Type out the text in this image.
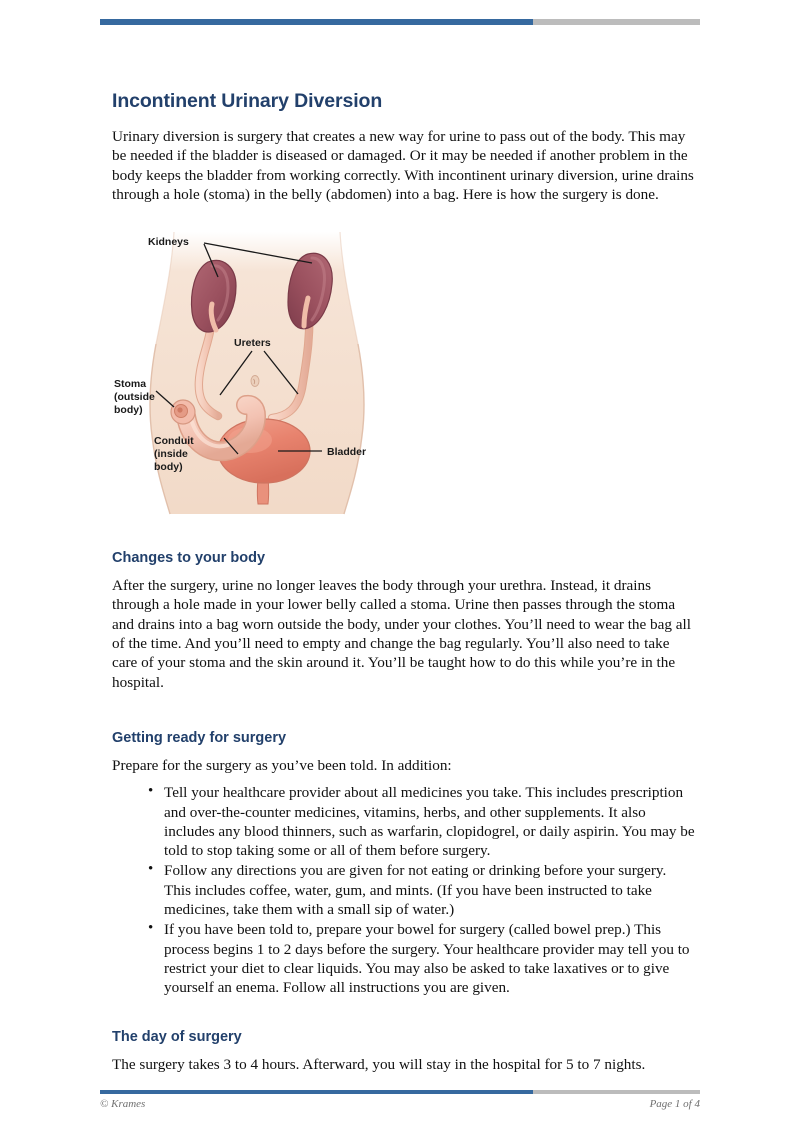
Incontinent Urinary Diversion

Urinary diversion is surgery that creates a new way for urine to pass out of the body. This may be needed if the bladder is diseased or damaged. Or it may be needed if another problem in the body keeps the bladder from working correctly. With incontinent urinary diversion, urine drains through a hole (stoma) in the belly (abdomen) into a bag. Here is how the surgery is done.

Kidneys
Ureters
Stoma
(outside
body)
Conduit
(inside
body)
Bladder
Changes to your body

After the surgery, urine no longer leaves the body through your urethra. Instead, it drains through a hole made in your lower belly called a stoma. Urine then passes through the stoma and drains into a bag worn outside the body, under your clothes. You’ll need to wear the bag all of the time. And you’ll need to empty and change the bag regularly. You’ll also need to take care of your stoma and the skin around it. You’ll be taught how to do this while you’re in the hospital.

Getting ready for surgery

Prepare for the surgery as you’ve been told. In addition:

• Tell your healthcare provider about all medicines you take. This includes prescription and over-the-counter medicines, vitamins, herbs, and other supplements. It also includes any blood thinners, such as warfarin, clopidogrel, or daily aspirin. You may be told to stop taking some or all of them before surgery.
• Follow any directions you are given for not eating or drinking before your surgery. This includes coffee, water, gum, and mints. (If you have been instructed to take medicines, take them with a small sip of water.)
• If you have been told to, prepare your bowel for surgery (called bowel prep.) This process begins 1 to 2 days before the surgery. Your healthcare provider may tell you to restrict your diet to clear liquids. You may also be asked to take laxatives or to give yourself an enema. Follow all instructions you are given.
The day of surgery

The surgery takes 3 to 4 hours. Afterward, you will stay in the hospital for 5 to 7 nights.

© Krames	Page 1 of 4
